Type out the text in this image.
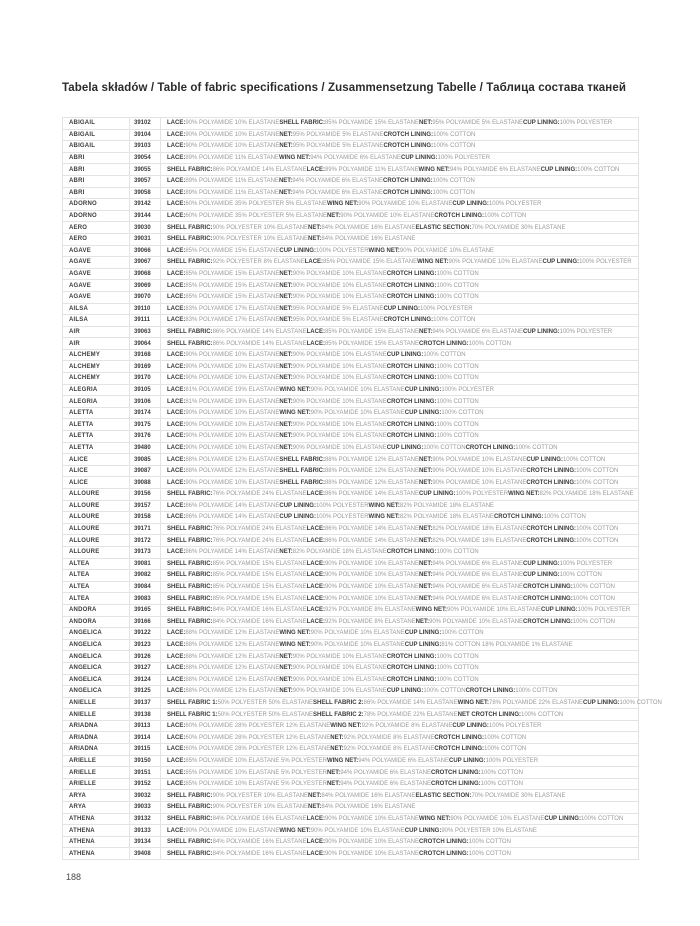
Tabela składów / Table of fabric specifications / Zusammensetzung Tabelle / Таблица состава тканей
ABIGAIL	39102	LACE: 90% POLYAMIDE 10% ELASTANE SHELL FABRIC: 85% POLYAMIDE 15% ELASTANE NET: 95% POLYAMIDE 5% ELASTANE CUP LINING: 100% POLYESTER
ABIGAIL	39104	LACE: 90% POLYAMIDE 10% ELASTANE NET: 95% POLYAMIDE 5% ELASTANE CROTCH LINING: 100% COTTON
ABIGAIL	39103	LACE: 90% POLYAMIDE 10% ELASTANE NET: 95% POLYAMIDE 5% ELASTANE CROTCH LINING: 100% COTTON
ABRI	39054	LACE: 89% POLYAMIDE 11% ELASTANE WING NET: 94% POLYAMIDE 6% ELASTANE CUP LINING: 100% POLYESTER
ABRI	39055	SHELL FABRIC: 86% POLYAMIDE 14% ELASTANE LACE: 89% POLYAMIDE 11% ELASTANE WING NET: 94% POLYAMIDE 6% ELASTANE CUP LINING: 100% COTTON
ABRI	39057	LACE: 89% POLYAMIDE 11% ELASTANE NET: 94% POLYAMIDE 6% ELASTANE CROTCH LINING: 100% COTTON
ABRI	39058	LACE: 89% POLYAMIDE 11% ELASTANE NET: 94% POLYAMIDE 6% ELASTANE CROTCH LINING: 100% COTTON
ADORNO	39142	LACE: 60% POLYAMIDE 35% POLYESTER 5% ELASTANE WING NET: 90% POLYAMIDE 10% ELASTANE CUP LINING: 100% POLYESTER
ADORNO	39144	LACE: 60% POLYAMIDE 35% POLYESTER 5% ELASTANE NET: 90% POLYAMIDE 10% ELASTANE CROTCH LINING: 100% COTTON
AERO	39030	SHELL FABRIC: 90% POLYESTER 10% ELASTANE NET: 84% POLYAMIDE 16% ELASTANE ELASTIC SECTION: 70% POLYAMIDE 30% ELASTANE
AERO	39031	SHELL FABRIC: 90% POLYESTER 10% ELASTANE NET: 84% POLYAMIDE 16% ELASTANE
AGAVE	39066	LACE: 85% POLYAMIDE 15% ELASTANE CUP LINING: 100% POLYESTER WING NET: 90% POLYAMIDE 10% ELASTANE
AGAVE	39067	SHELL FABRIC: 92% POLYESTER 8% ELASTANE LACE: 85% POLYAMIDE 15% ELASTANE WING NET: 90% POLYAMIDE 10% ELASTANE CUP LINING: 100% POLYESTER
AGAVE	39068	LACE: 85% POLYAMIDE 15% ELASTANE NET: 90% POLYAMIDE 10% ELASTANE CROTCH LINING: 100% COTTON
AGAVE	39069	LACE: 85% POLYAMIDE 15% ELASTANE NET: 90% POLYAMIDE 10% ELASTANE CROTCH LINING: 100% COTTON
AGAVE	39070	LACE: 85% POLYAMIDE 15% ELASTANE NET: 90% POLYAMIDE 10% ELASTANE CROTCH LINING: 100% COTTON
AILSA	39110	LACE: 83% POLYAMIDE 17% ELASTANE NET: 95% POLYAMIDE 5% ELASTANE CUP LINING: 100% POLYESTER
AILSA	39111	LACE: 83% POLYAMIDE 17% ELASTANE NET: 95% POLYAMIDE 5% ELASTANE CROTCH LINING: 100% COTTON
AIR	39063	SHELL FABRIC: 86% POLYAMIDE 14% ELASTANE LACE: 85% POLYAMIDE 15% ELASTANE NET: 94% POLYAMIDE 6% ELASTANE CUP LINING: 100% POLYESTER
AIR	39064	SHELL FABRIC: 86% POLYAMIDE 14% ELASTANE LACE: 85% POLYAMIDE 15% ELASTANE CROTCH LINING: 100% COTTON
ALCHEMY	39168	LACE: 90% POLYAMIDE 10% ELASTANE NET: 90% POLYAMIDE 10% ELASTANE CUP LINING: 100% COTTON
ALCHEMY	39169	LACE: 90% POLYAMIDE 10% ELASTANE NET: 90% POLYAMIDE 10% ELASTANE CROTCH LINING: 100% COTTON
ALCHEMY	39170	LACE: 90% POLYAMIDE 10% ELASTANE NET: 90% POLYAMIDE 10% ELASTANE CROTCH LINING: 100% COTTON
ALEGRIA	39105	LACE: 81% POLYAMIDE 19% ELASTANE WING NET: 90% POLYAMIDE 10% ELASTANE CUP LINING: 100% POLYESTER
ALEGRIA	39106	LACE: 81% POLYAMIDE 19% ELASTANE NET: 90% POLYAMIDE 10% ELASTANE CROTCH LINING: 100% COTTON
ALETTA	39174	LACE: 90% POLYAMIDE 10% ELASTANE WING NET: 90% POLYAMIDE 10% ELASTANE CUP LINING: 100% COTTON
ALETTA	39175	LACE: 90% POLYAMIDE 10% ELASTANE NET: 90% POLYAMIDE 10% ELASTANE CROTCH LINING: 100% COTTON
ALETTA	39176	LACE: 90% POLYAMIDE 10% ELASTANE NET: 90% POLYAMIDE 10% ELASTANE CROTCH LINING: 100% COTTON
ALETTA	39480	LACE: 90% POLYAMIDE 10% ELASTANE NET: 90% POLYAMIDE 10% ELASTANE CUP LINING: 100% COTTON CROTCH LINING: 100% COTTON
ALICE	39085	LACE: 88% POLYAMIDE 12% ELASTANE SHELL FABRIC: 88% POLYAMIDE 12% ELASTANE NET: 90% POLYAMIDE 10% ELASTANE CUP LINING: 100% COTTON
ALICE	39087	LACE: 88% POLYAMIDE 12% ELASTANE SHELL FABRIC: 88% POLYAMIDE 12% ELASTANE NET: 90% POLYAMIDE 10% ELASTANE CROTCH LINING: 100% COTTON
ALICE	39088	LACE: 90% POLYAMIDE 10% ELASTANE SHELL FABRIC: 88% POLYAMIDE 12% ELASTANE NET: 90% POLYAMIDE 10% ELASTANE CROTCH LINING: 100% COTTON
ALLOURE	39156	SHELL FABRIC: 76% POLYAMIDE 24% ELASTANE LACE: 86% POLYAMIDE 14% ELASTANE CUP LINING: 100% POLYESTER WING NET: 82% POLYAMIDE 18% ELASTANE
ALLOURE	39157	LACE: 86% POLYAMIDE 14% ELASTANE CUP LINING: 100% POLYESTER WING NET: 82% POLYAMIDE 18% ELASTANE
ALLOURE	39158	LACE: 86% POLYAMIDE 14% ELASTANE CUP LINING: 100% POLYESTER WING NET: 82% POLYAMIDE 18% ELASTANE CROTCH LINING: 100% COTTON
ALLOURE	39171	SHELL FABRIC: 76% POLYAMIDE 24% ELASTANE LACE: 86% POLYAMIDE 14% ELASTANE NET: 82% POLYAMIDE 18% ELASTANE CROTCH LINING: 100% COTTON
ALLOURE	39172	SHELL FABRIC: 76% POLYAMIDE 24% ELASTANE LACE: 86% POLYAMIDE 14% ELASTANE NET: 82% POLYAMIDE 18% ELASTANE CROTCH LINING: 100% COTTON
ALLOURE	39173	LACE: 86% POLYAMIDE 14% ELASTANE NET: 82% POLYAMIDE 18% ELASTANE CROTCH LINING: 100% COTTON
ALTEA	39081	SHELL FABRIC: 85% POLYAMIDE 15% ELASTANE LACE: 90% POLYAMIDE 10% ELASTANE NET: 94% POLYAMIDE 6% ELASTANE CUP LINING: 100% POLYESTER
ALTEA	39082	SHELL FABRIC: 85% POLYAMIDE 15% ELASTANE LACE: 90% POLYAMIDE 10% ELASTANE NET: 94% POLYAMIDE 6% ELASTANE CUP LINING: 100% COTTON
ALTEA	39084	SHELL FABRIC: 85% POLYAMIDE 15% ELASTANE LACE: 90% POLYAMIDE 10% ELASTANE NET: 94% POLYAMIDE 6% ELASTANE CROTCH LINING: 100% COTTON
ALTEA	39083	SHELL FABRIC: 85% POLYAMIDE 15% ELASTANE LACE: 90% POLYAMIDE 10% ELASTANE NET: 94% POLYAMIDE 6% ELASTANE CROTCH LINING: 100% COTTON
ANDORA	39165	SHELL FABRIC: 84% POLYAMIDE 16% ELASTANE LACE: 92% POLYAMIDE 8% ELASTANE WING NET: 90% POLYAMIDE 10% ELASTANE CUP LINING: 100% POLYESTER
ANDORA	39166	SHELL FABRIC: 84% POLYAMIDE 16% ELASTANE LACE: 92% POLYAMIDE 8% ELASTANE NET: 90% POLYAMIDE 10% ELASTANE CROTCH LINING: 100% COTTON
ANGELICA	39122	LACE: 88% POLYAMIDE 12% ELASTANE WING NET: 90% POLYAMIDE 10% ELASTANE CUP LINING: 100% COTTON
ANGELICA	39123	LACE: 88% POLYAMIDE 12% ELASTANE WING NET: 90% POLYAMIDE 10% ELASTANE CUP LINING: 81% COTTON 18% POLYAMIDE 1% ELASTANE
ANGELICA	39126	LACE: 88% POLYAMIDE 12% ELASTANE NET: 90% POLYAMIDE 10% ELASTANE CROTCH LINING: 100% COTTON
ANGELICA	39127	LACE: 88% POLYAMIDE 12% ELASTANE NET: 90% POLYAMIDE 10% ELASTANE CROTCH LINING: 100% COTTON
ANGELICA	39124	LACE: 88% POLYAMIDE 12% ELASTANE NET: 90% POLYAMIDE 10% ELASTANE CROTCH LINING: 100% COTTON
ANGELICA	39125	LACE: 88% POLYAMIDE 12% ELASTANE NET: 90% POLYAMIDE 10% ELASTANE CUP LINING: 100% COTTON CROTCH LINING: 100% COTTON
ANIELLE	39137	SHELL FABRIC 1: 50% POLYESTER 50% ELASTANE SHELL FABRIC 2: 86% POLYAMIDE 14% ELASTANE WING NET: 78% POLYAMIDE 22% ELASTANE CUP LINING: 100% COTTON
ANIELLE	39138	SHELL FABRIC 1: 50% POLYESTER 50% ELASTANE SHELL FABRIC 2: 78% POLYAMIDE 22% ELASTANE NET CROTCH LINING: 100% COTTON
ARIADNA	39113	LACE: 60% POLYAMIDE 28% POLYESTER 12% ELASTANE WING NET: 92% POLYAMIDE 8% ELASTANE CUP LINING: 100% POLYESTER
ARIADNA	39114	LACE: 60% POLYAMIDE 28% POLYESTER 12% ELASTANE NET: 92% POLYAMIDE 8% ELASTANE CROTCH LINING: 100% COTTON
ARIADNA	39115	LACE: 60% POLYAMIDE 28% POLYESTER 12% ELASTANE NET: 92% POLYAMIDE 8% ELASTANE CROTCH LINING: 100% COTTON
ARIELLE	39150	LACE: 85% POLYAMIDE 10% ELASTANE 5% POLYESTER WING NET: 94% POLYAMIDE 6% ELASTANE CUP LINING: 100% POLYESTER
ARIELLE	39151	LACE: 85% POLYAMIDE 10% ELASTANE 5% POLYESTER NET: 94% POLYAMIDE 6% ELASTANE CROTCH LINING: 100% COTTON
ARIELLE	39152	LACE: 85% POLYAMIDE 10% ELASTANE 5% POLYESTER NET: 94% POLYAMIDE 6% ELASTANE CROTCH LINING: 100% COTTON
ARYA	39032	SHELL FABRIC: 90% POLYESTER 10% ELASTANE NET: 84% POLYAMIDE 16% ELASTANE ELASTIC SECTION: 70% POLYAMIDE 30% ELASTANE
ARYA	39033	SHELL FABRIC: 90% POLYESTER 10% ELASTANE NET: 84% POLYAMIDE 16% ELASTANE
ATHENA	39132	SHELL FABRIC: 84% POLYAMIDE 16% ELASTANE LACE: 90% POLYAMIDE 10% ELASTANE WING NET: 90% POLYAMIDE 10% ELASTANE CUP LINING: 100% COTTON
ATHENA	39133	LACE: 90% POLYAMIDE 10% ELASTANE WING NET: 90% POLYAMIDE 10% ELASTANE CUP LINING: 90% POLYESTER 10% ELASTANE
ATHENA	39134	SHELL FABRIC: 84% POLYAMIDE 16% ELASTANE LACE: 90% POLYAMIDE 10% ELASTANE CROTCH LINING: 100% COTTON
ATHENA	39408	SHELL FABRIC: 84% POLYAMIDE 16% ELASTANE LACE: 90% POLYAMIDE 10% ELASTANE CROTCH LINING: 100% COTTON
188
